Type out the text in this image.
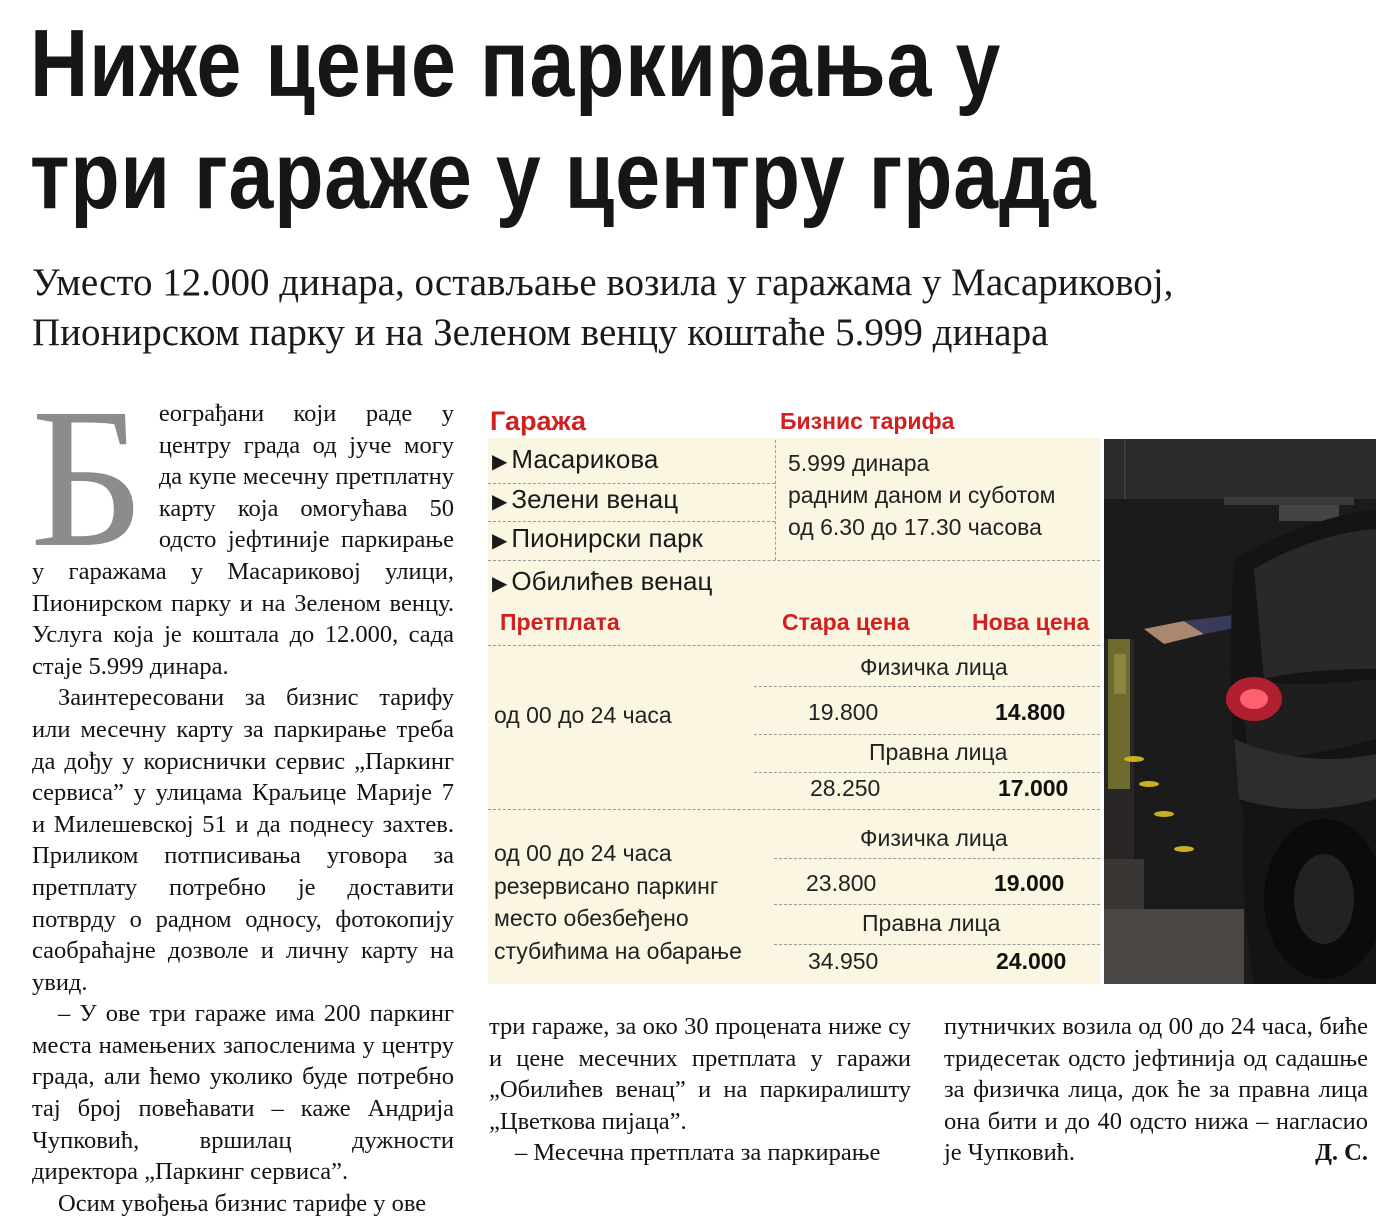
Ниже цене паркирања у
три гараже у центру града
Уместо 12.000 динара, остављање возила у гаражама у Масариковој,
Пионирском парку и на Зеленом венцу коштаће 5.999 динара

Београђани који раде у центру града од јуче могу да купе месечну претплатну карту која омогућава 50 одсто јефтиније паркирање у гаражама у Масариковој улици, Пионирском парку и на Зеленом венцу. Услуга која је коштала до 12.000, сада стаје 5.999 динара.

Заинтересовани за бизнис тарифу или месечну карту за паркирање треба да дођу у кориснички сервис „Паркинг сервиса” у улицама Краљице Марије 7 и Милешевској 51 и да поднесу захтев. Приликом потписивања уговора за претплату потребно је доставити потврду о радном односу, фотокопију саобраћајне дозволе и личну карту на увид.

– У ове три гараже има 200 паркинг места намењених запосленима у центру града, али ћемо уколико буде потребно тај број повећавати – каже Андрија Чупковић, вршилац дужности директора „Паркинг сервиса”.

Осим увођења бизнис тарифе у ове

три гараже, за око 30 процената ниже су и цене месечних претплата у гаражи „Обилићев венац” и на паркиралишту „Цветкова пијаца”.

– Месечна претплата за паркирање

путничких возила од 00 до 24 часа, биће тридесетак одсто јефтинија од садашње за физичка лица, док ће за правна лица она бити и до 40 одсто нижа – нагласио је Чупковић.	Д. С.

Гаража	Бизнис тарифа
▶ Масарикова
▶ Зелени венац
▶ Пионирски парк
▶ Обилићев венац
5.999 динара
радним даном и суботом
од 6.30 до 17.30 часова
Претплата	Стара цена	Нова цена
Физичка лица
од 00 до 24 часа	19.800	14.800
Правна лица
28.250	17.000
Физичка лица
од 00 до 24 часа
резервисано паркинг
место обезбеђено
стубићима на обарање
23.800	19.000
Правна лица
34.950	24.000
